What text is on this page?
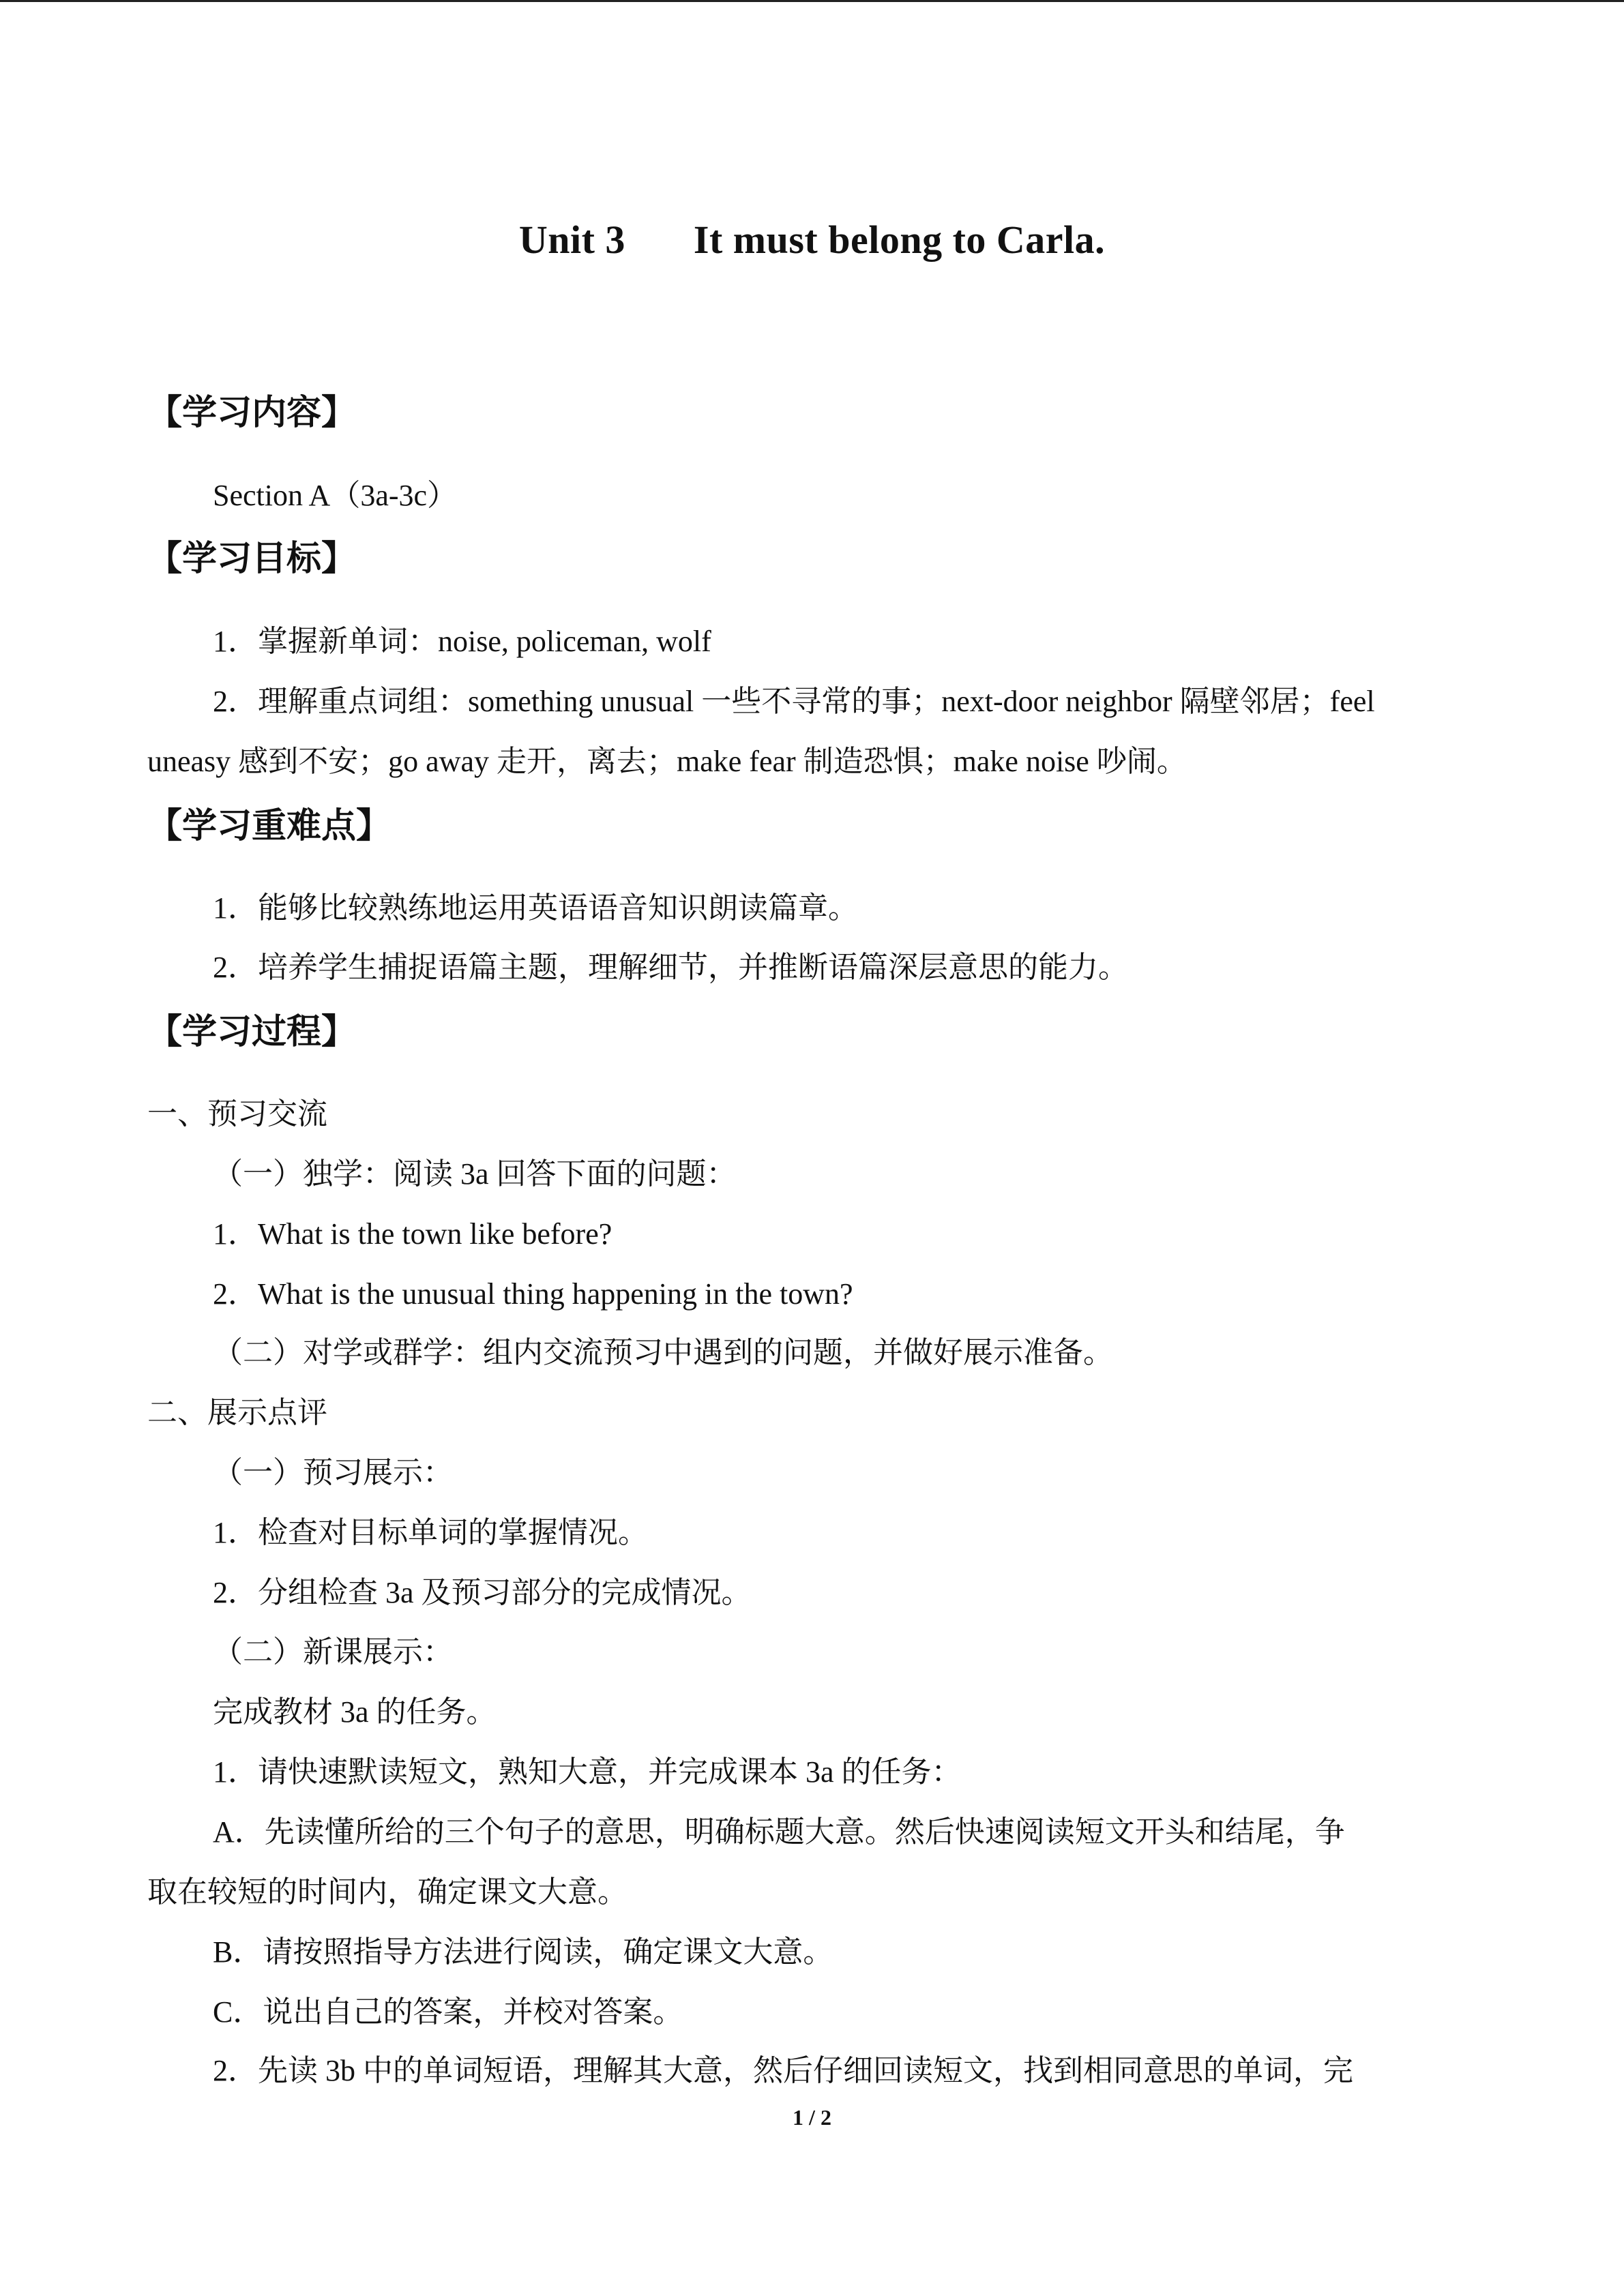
Unit 3 It must belong to Carla.
【学习内容】
Section A（3a-3c）
【学习目标】
1．掌握新单词：noise, policeman, wolf
2．理解重点词组：something unusual 一些不寻常的事；next-door neighbor 隔壁邻居；feel
uneasy 感到不安；go away 走开，离去；make fear 制造恐惧；make noise 吵闹。
【学习重难点】
1．能够比较熟练地运用英语语音知识朗读篇章。
2．培养学生捕捉语篇主题，理解细节，并推断语篇深层意思的能力。
【学习过程】
一、预习交流
（一）独学：阅读 3a 回答下面的问题：
1．What is the town like before?
2．What is the unusual thing happening in the town?
（二）对学或群学：组内交流预习中遇到的问题，并做好展示准备。
二、展示点评
（一）预习展示：
1．检查对目标单词的掌握情况。
2．分组检查 3a 及预习部分的完成情况。
（二）新课展示：
完成教材 3a 的任务。
1．请快速默读短文，熟知大意，并完成课本 3a 的任务：
A．先读懂所给的三个句子的意思，明确标题大意。然后快速阅读短文开头和结尾，争
取在较短的时间内，确定课文大意。
B．请按照指导方法进行阅读，确定课文大意。
C．说出自己的答案，并校对答案。
2．先读 3b 中的单词短语，理解其大意，然后仔细回读短文，找到相同意思的单词，完
1 / 2
